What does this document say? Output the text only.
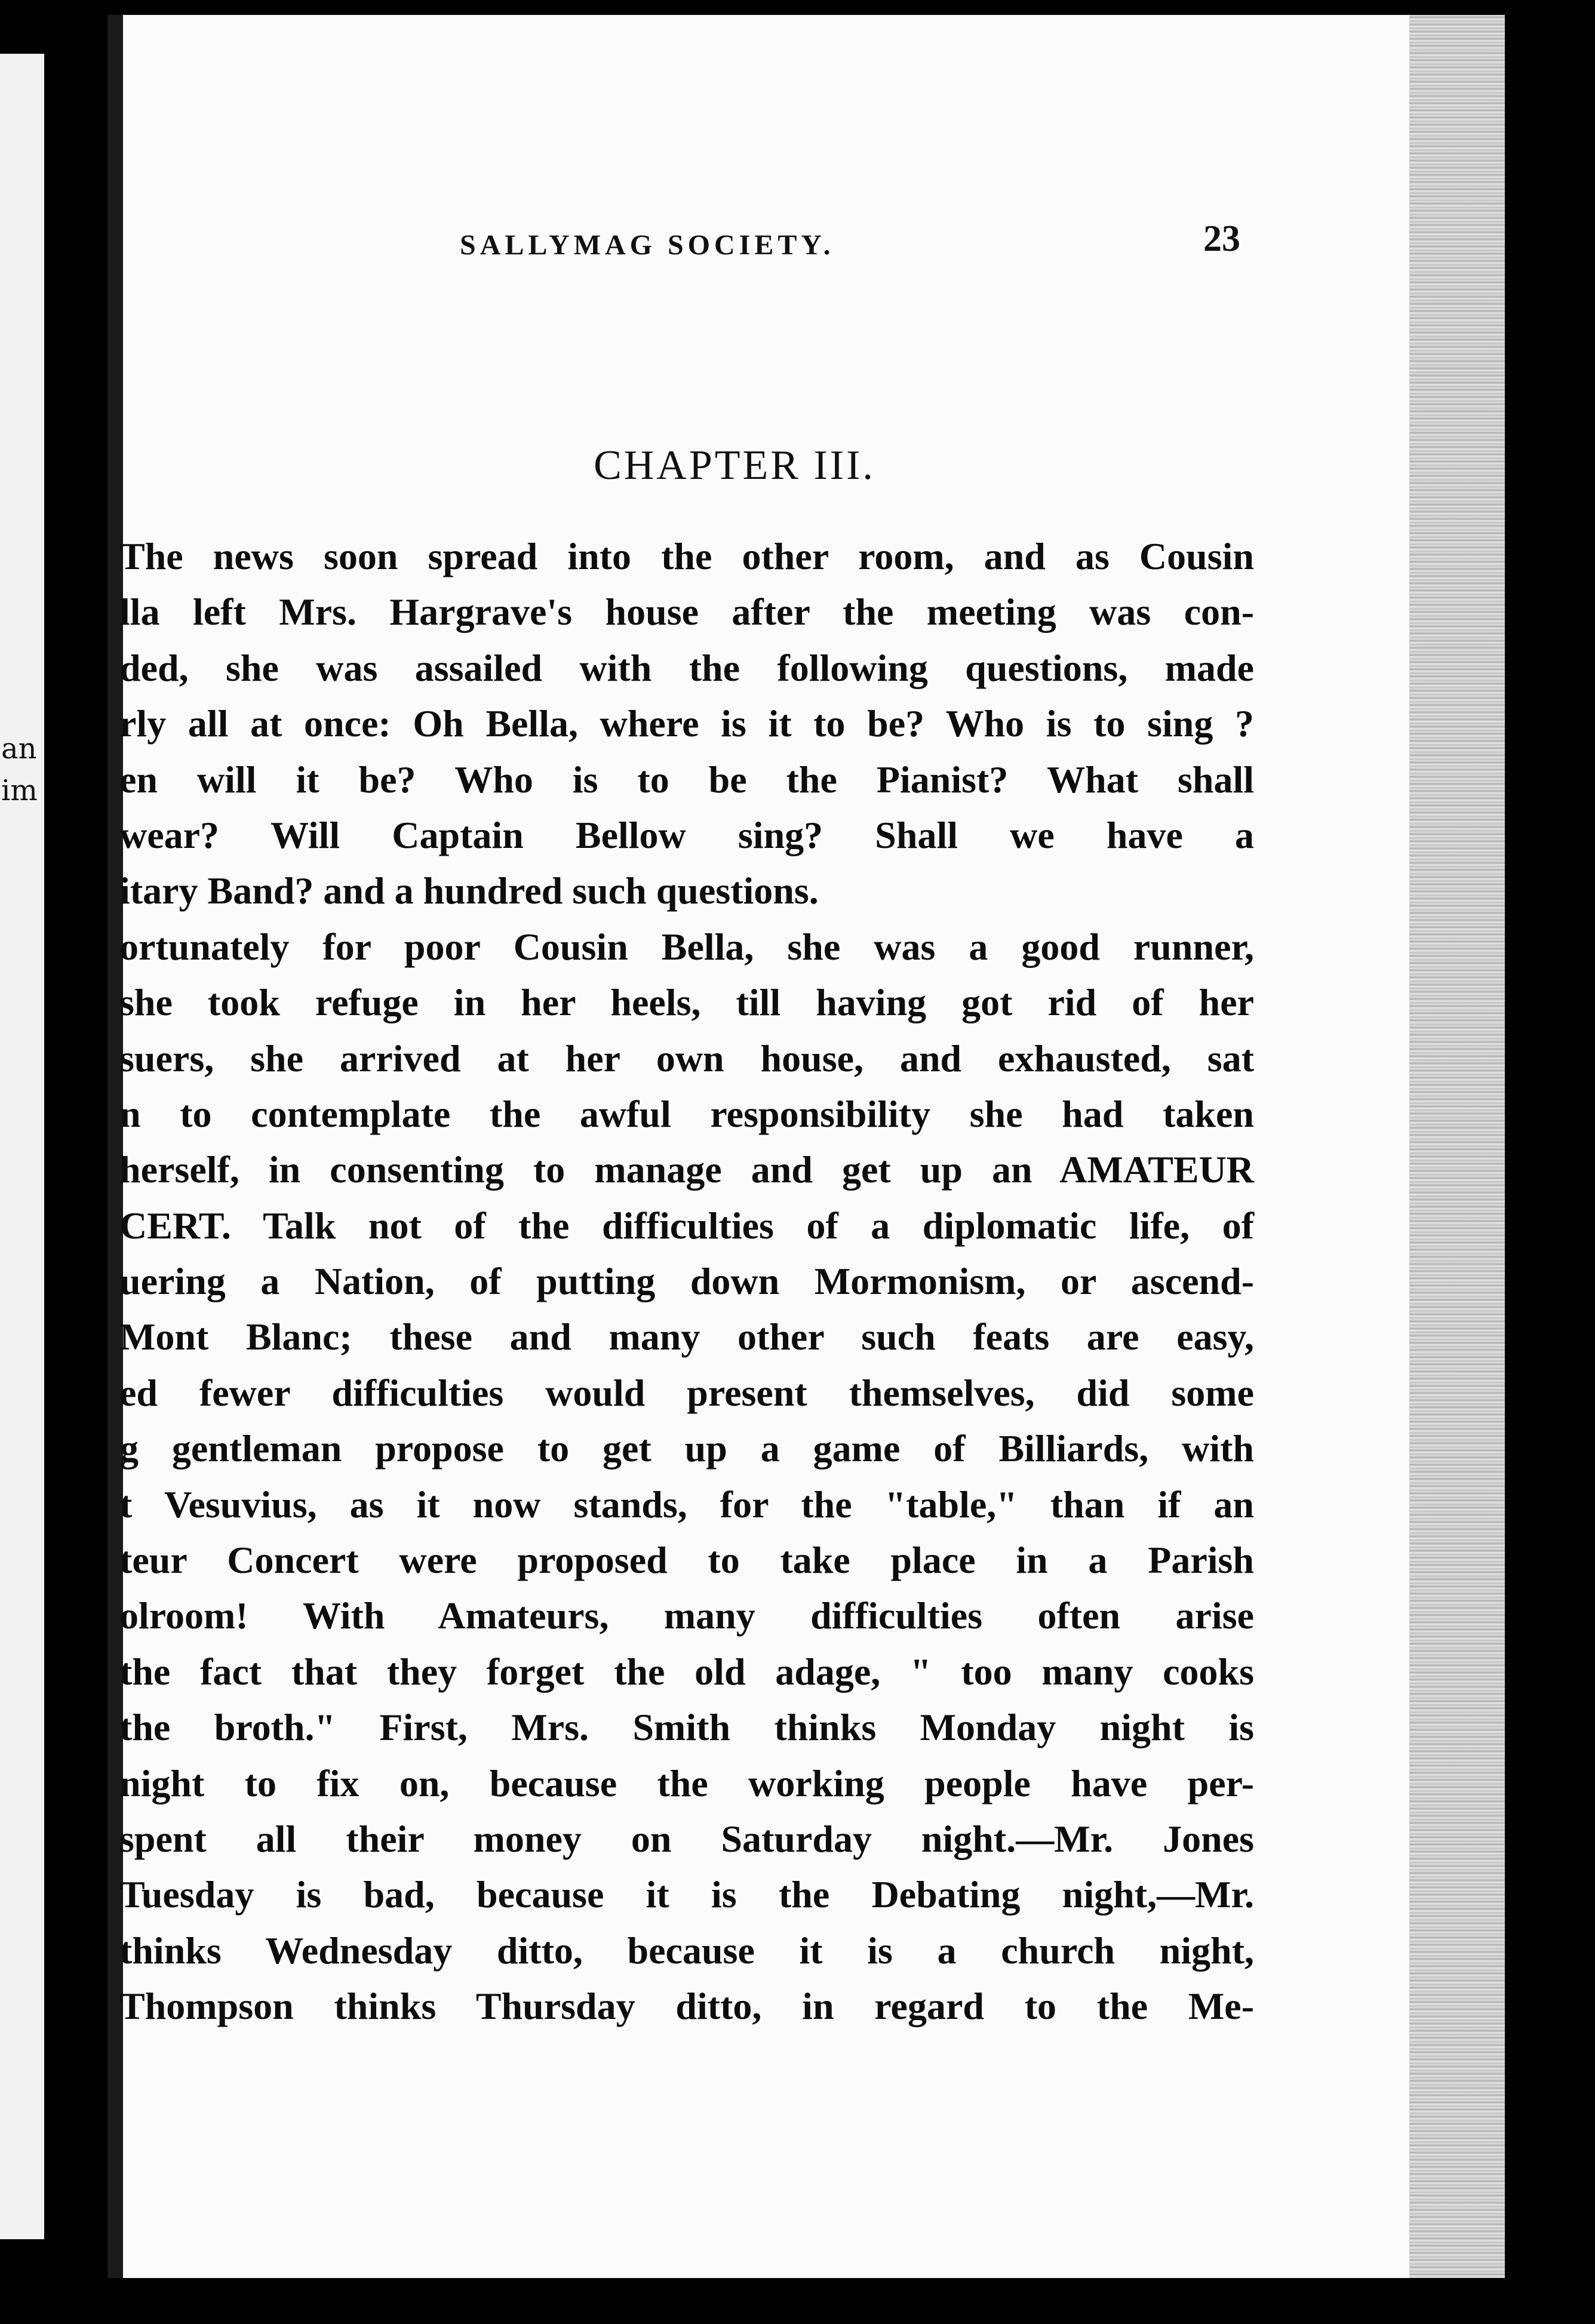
an
im
SALLYMAG SOCIETY.	23
CHAPTER III.
The news soon spread into the other room, and as Cousin
lla left Mrs. Hargrave's house after the meeting was con-
ded, she was assailed with the following questions, made
rly all at once: Oh Bella, where is it to be? Who is to sing ?
en will it be? Who is to be the Pianist? What shall
wear? Will Captain Bellow sing? Shall we have a
itary Band? and a hundred such questions.
ortunately for poor Cousin Bella, she was a good runner,
she took refuge in her heels, till having got rid of her
suers, she arrived at her own house, and exhausted, sat
n to contemplate the awful responsibility she had taken
herself, in consenting to manage and get up an AMATEUR
CERT. Talk not of the difficulties of a diplomatic life, of
uering a Nation, of putting down Mormonism, or ascend-
Mont Blanc; these and many other such feats are easy,
ed fewer difficulties would present themselves, did some
g gentleman propose to get up a game of Billiards, with
t Vesuvius, as it now stands, for the "table," than if an
teur Concert were proposed to take place in a Parish
olroom! With Amateurs, many difficulties often arise
the fact that they forget the old adage, " too many cooks
the broth." First, Mrs. Smith thinks Monday night is
night to fix on, because the working people have per-
spent all their money on Saturday night.—Mr. Jones
Tuesday is bad, because it is the Debating night,—Mr.
thinks Wednesday ditto, because it is a church night,
Thompson thinks Thursday ditto, in regard to the Me-
